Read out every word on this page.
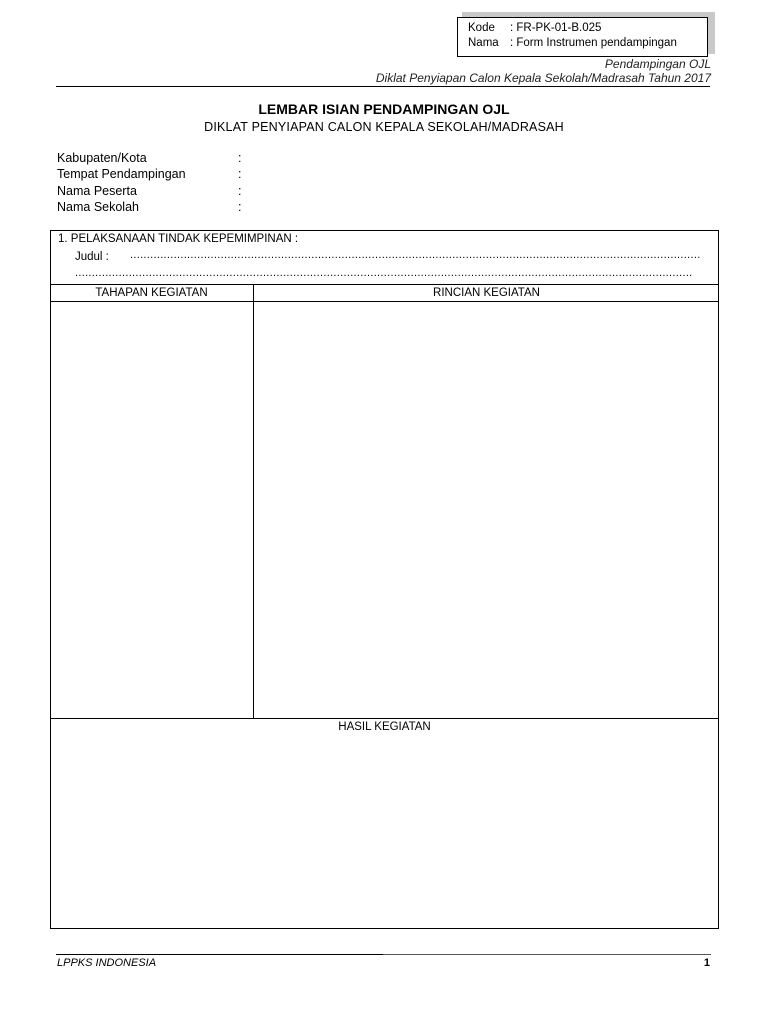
Kode	: FR-PK-01-B.025
Nama : Form Instrumen pendampingan
Pendampingan OJL
Diklat Penyiapan Calon Kepala Sekolah/Madrasah Tahun 2017
LEMBAR ISIAN PENDAMPINGAN OJL
DIKLAT PENYIAPAN CALON KEPALA SEKOLAH/MADRASAH
Kabupaten/Kota	:
Tempat Pendampingan	:
Nama Peserta	:
Nama Sekolah	:
1. PELAKSANAAN TINDAK KEPEMIMPINAN :
Judul : ..........................................................................................................................................................................
........................................................................................................................................................................................
TAHAPAN KEGIATAN	RINCIAN KEGIATAN
HASIL KEGIATAN
LPPKS INDONESIA	1
